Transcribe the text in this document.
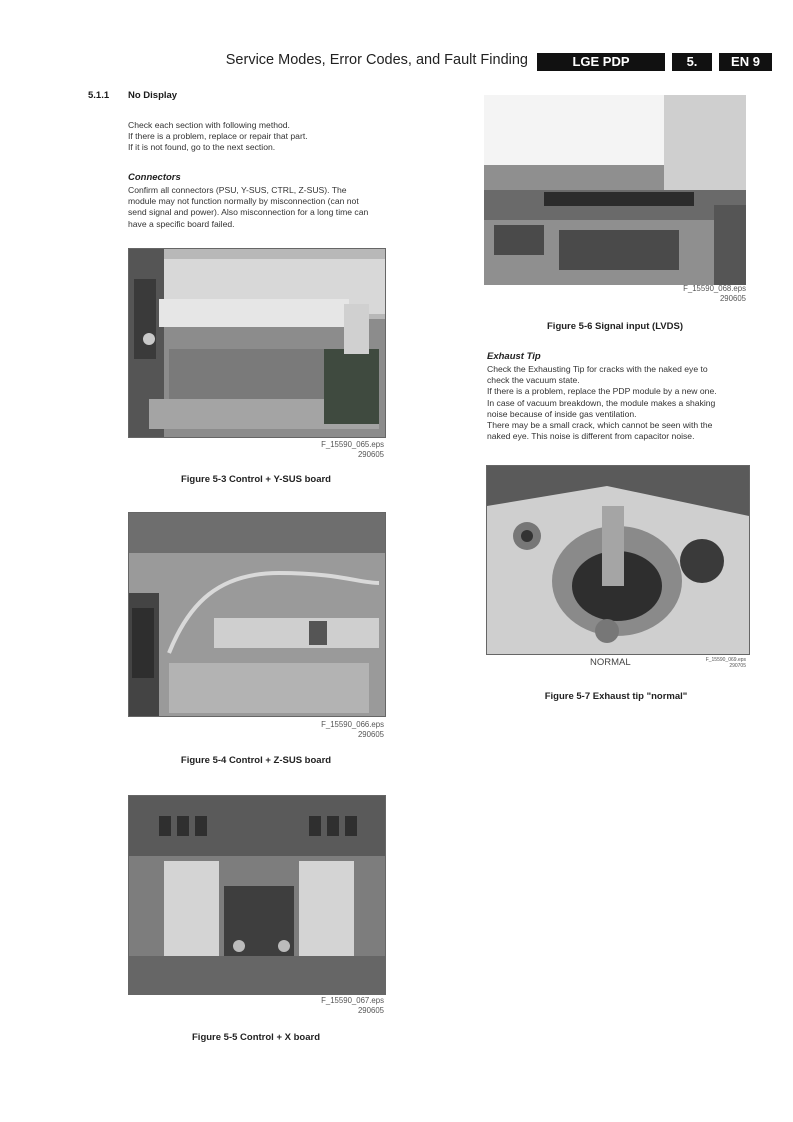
Service Modes, Error Codes, and Fault Finding	LGE PDP	5.	EN 9
5.1.1 No Display

Check each section with following method.

If there is a problem, replace or repair that part.

If it is not found, go to the next section.

Connectors

Confirm all connectors (PSU, Y-SUS, CTRL, Z-SUS). The

module may not function normally by misconnection (can not

send signal and power). Also misconnection for a long time can

have a specific board failed.

F_15590_065.eps
290605
Figure 5-3 Control + Y-SUS board
F_15590_066.eps
290605
Figure 5-4 Control + Z-SUS board
F_15590_067.eps
290605
Figure 5-5 Control + X board
F_15590_068.eps
290605
Figure 5-6 Signal input (LVDS)
Exhaust Tip

Check the Exhausting Tip for cracks with the naked eye to

check the vacuum state.

If there is a problem, replace the PDP module by a new one.

In case of vacuum breakdown, the module makes a shaking

noise because of inside gas ventilation.

There may be a small crack, which cannot be seen with the

naked eye. This noise is different from capacitor noise.

NORMAL	F_15590_069.eps
290705
Figure 5-7 Exhaust tip "normal"
